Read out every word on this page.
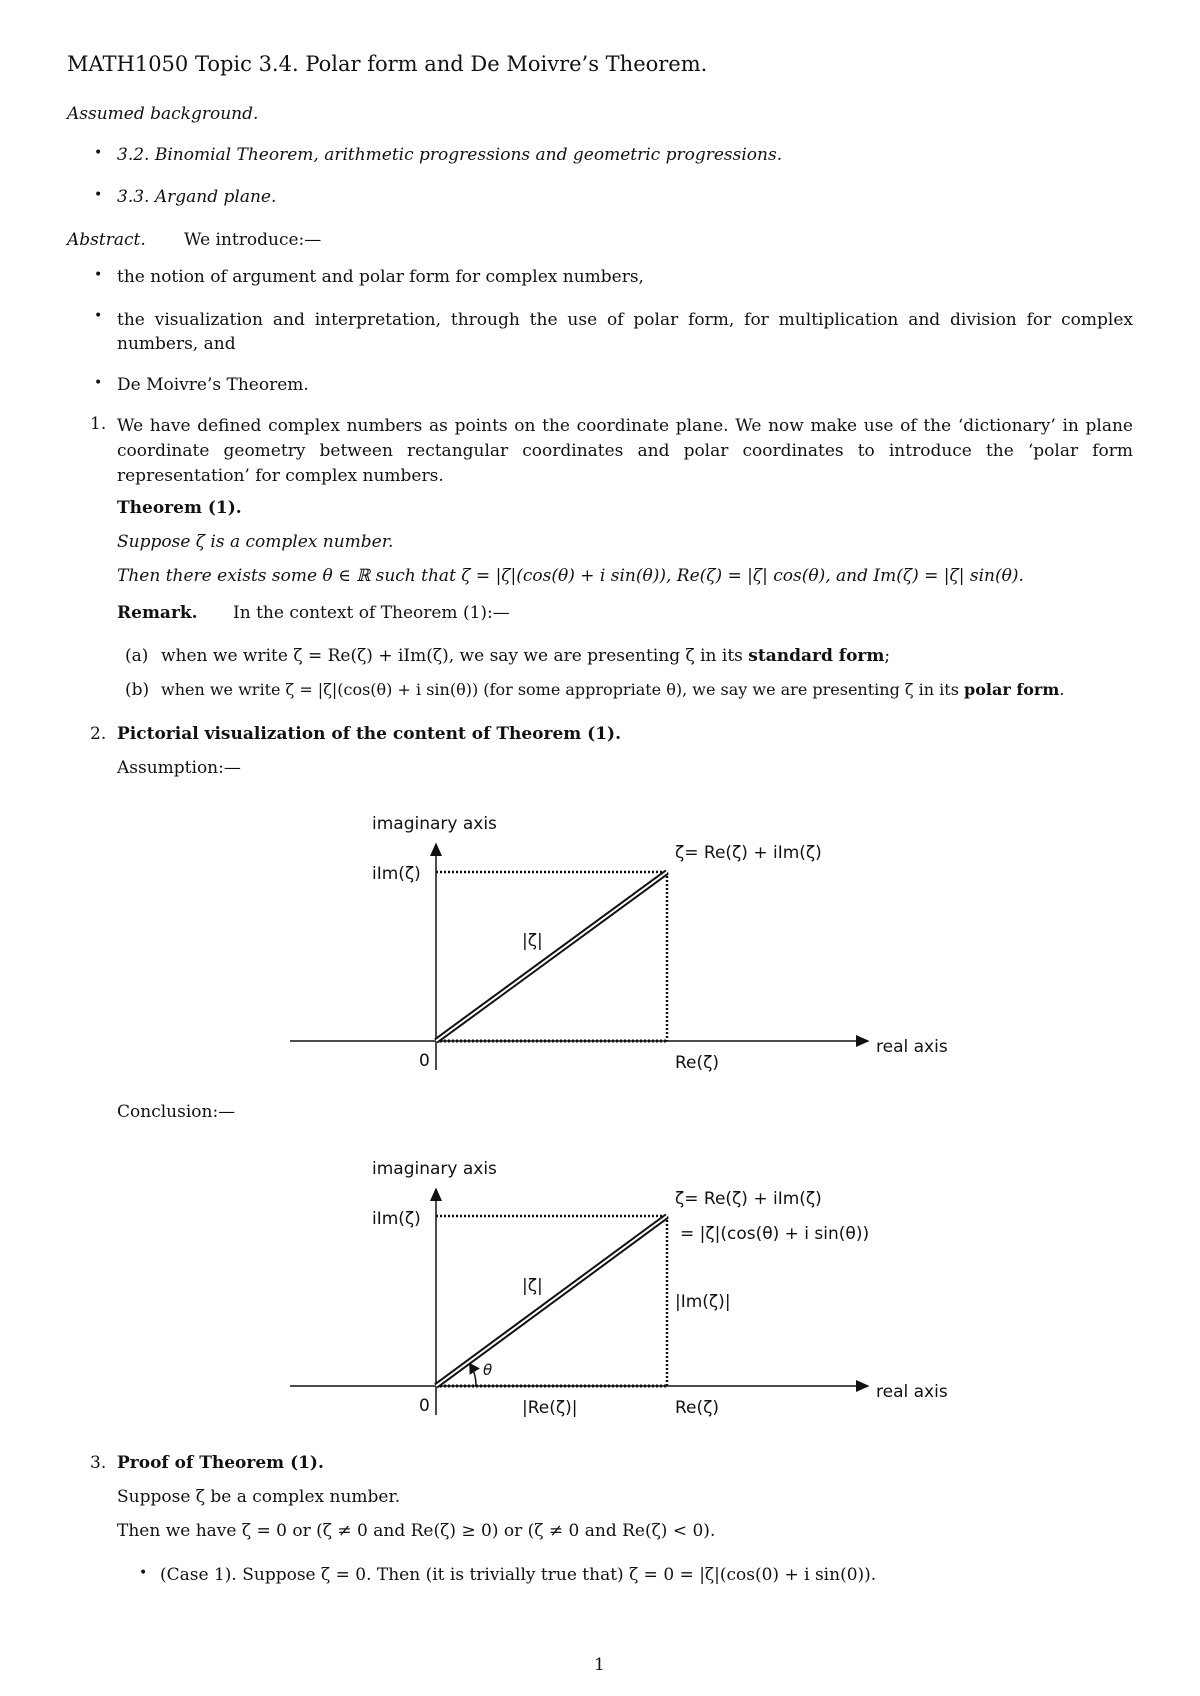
MATH1050 Topic 3.4. Polar form and De Moivre’s Theorem.
Assumed background.
• 3.2. Binomial Theorem, arithmetic progressions and geometric progressions.
• 3.3. Argand plane.
Abstract. We introduce:—
• the notion of argument and polar form for complex numbers,
• the visualization and interpretation, through the use of polar form, for multiplication and division for complex numbers, and
• De Moivre’s Theorem.
1. We have defined complex numbers as points on the coordinate plane. We now make use of the ‘dictionary’ in plane coordinate geometry between rectangular coordinates and polar coordinates to introduce the ‘polar form representation’ for complex numbers.
Theorem (1).
Suppose ζ is a complex number.
Then there exists some θ ∈ ℝ such that ζ = |ζ|(cos(θ) + i sin(θ)), Re(ζ) = |ζ| cos(θ), and Im(ζ) = |ζ| sin(θ).
Remark. In the context of Theorem (1):—
(a) when we write ζ = Re(ζ) + iIm(ζ), we say we are presenting ζ in its standard form;
(b) when we write ζ = |ζ|(cos(θ) + i sin(θ)) (for some appropriate θ), we say we are presenting ζ in its polar form.
2. Pictorial visualization of the content of Theorem (1).
Assumption:—
imaginary axis
iIm(ζ)
ζ= Re(ζ) + iIm(ζ)
|ζ|
real axis
0	Re(ζ)
Conclusion:—
imaginary axis
iIm(ζ)
ζ= Re(ζ) + iIm(ζ)
= |ζ|(cos(θ) + i sin(θ))
|ζ|
|Im(ζ)|
θ
real axis
0	|Re(ζ)|	Re(ζ)
3. Proof of Theorem (1).
Suppose ζ be a complex number.
Then we have ζ = 0 or (ζ ≠ 0 and Re(ζ) ≥ 0) or (ζ ≠ 0 and Re(ζ) < 0).
• (Case 1). Suppose ζ = 0. Then (it is trivially true that) ζ = 0 = |ζ|(cos(0) + i sin(0)).
1
